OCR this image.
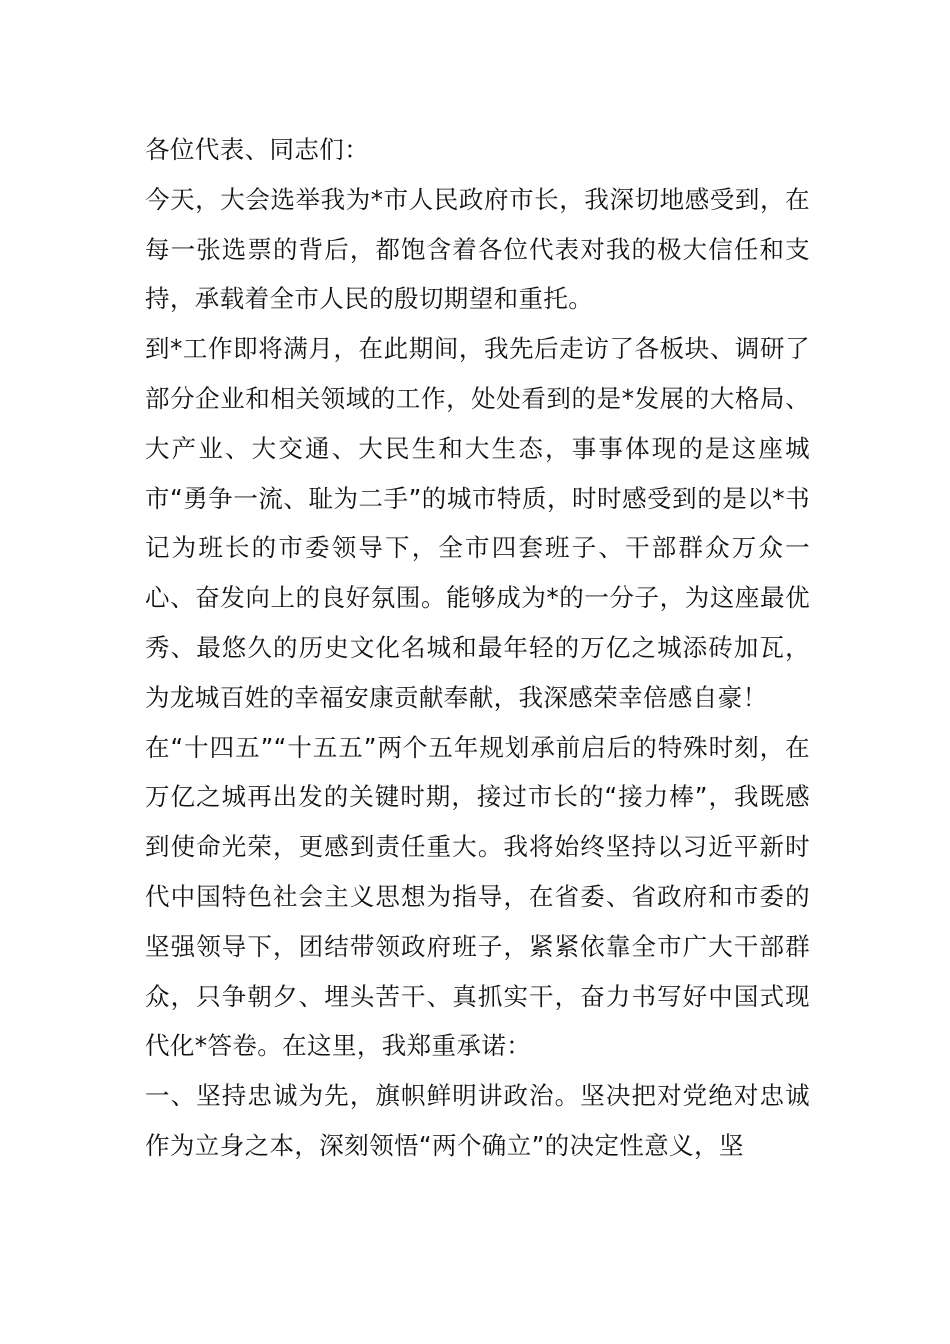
各位代表、同志们：

今天，大会选举我为*市人民政府市长，我深切地感受到，在每一张选票的背后，都饱含着各位代表对我的极大信任和支持，承载着全市人民的殷切期望和重托。

到*工作即将满月，在此期间，我先后走访了各板块、调研了部分企业和相关领域的工作，处处看到的是*发展的大格局、大产业、大交通、大民生和大生态，事事体现的是这座城市“勇争一流、耻为二手”的城市特质，时时感受到的是以*书记为班长的市委领导下，全市四套班子、干部群众万众一心、奋发向上的良好氛围。能够成为*的一分子，为这座最优秀、最悠久的历史文化名城和最年轻的万亿之城添砖加瓦，为龙城百姓的幸福安康贡献奉献，我深感荣幸倍感自豪！

在“十四五”“十五五”两个五年规划承前启后的特殊时刻，在万亿之城再出发的关键时期，接过市长的“接力棒”，我既感到使命光荣，更感到责任重大。我将始终坚持以习近平新时代中国特色社会主义思想为指导，在省委、省政府和市委的坚强领导下，团结带领政府班子，紧紧依靠全市广大干部群众，只争朝夕、埋头苦干、真抓实干，奋力书写好中国式现代化*答卷。在这里，我郑重承诺：

一、坚持忠诚为先，旗帜鲜明讲政治。坚决把对党绝对忠诚作为立身之本，深刻领悟“两个确立”的决定性意义，坚
